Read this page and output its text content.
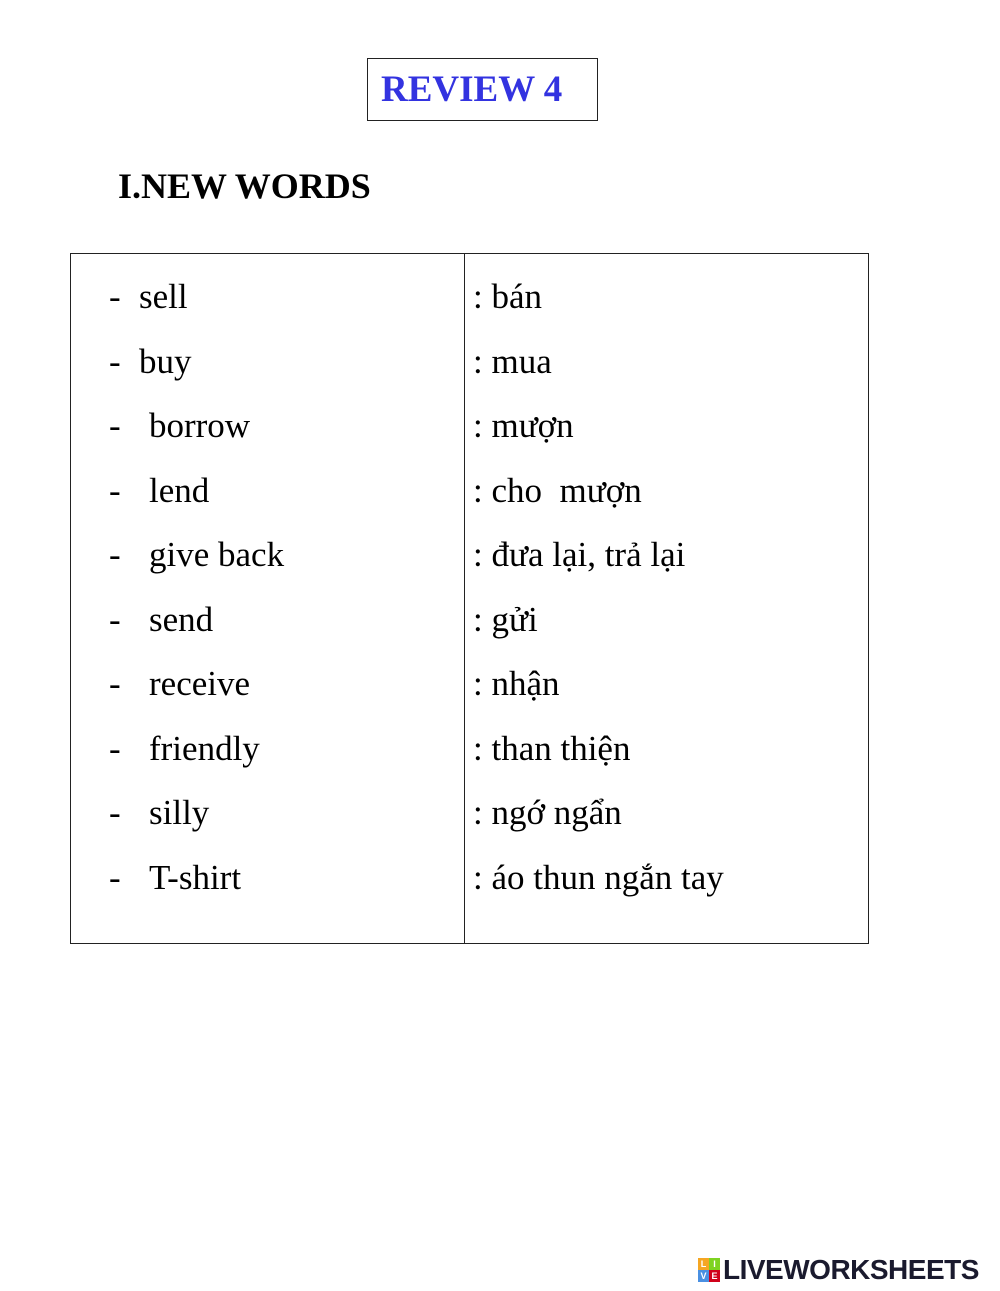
REVIEW 4
I.NEW WORDS
- sell	: bán
- buy	: mua
- borrow	: mượn
- lend	: cho  mượn
- give back	: đưa lại, trả lại
- send	: gửi
- receive	: nhận
- friendly	: than thiện
- silly	: ngớ ngẩn
- T-shirt	: áo thun ngắn tay
L I
V E LIVEWORKSHEETS
